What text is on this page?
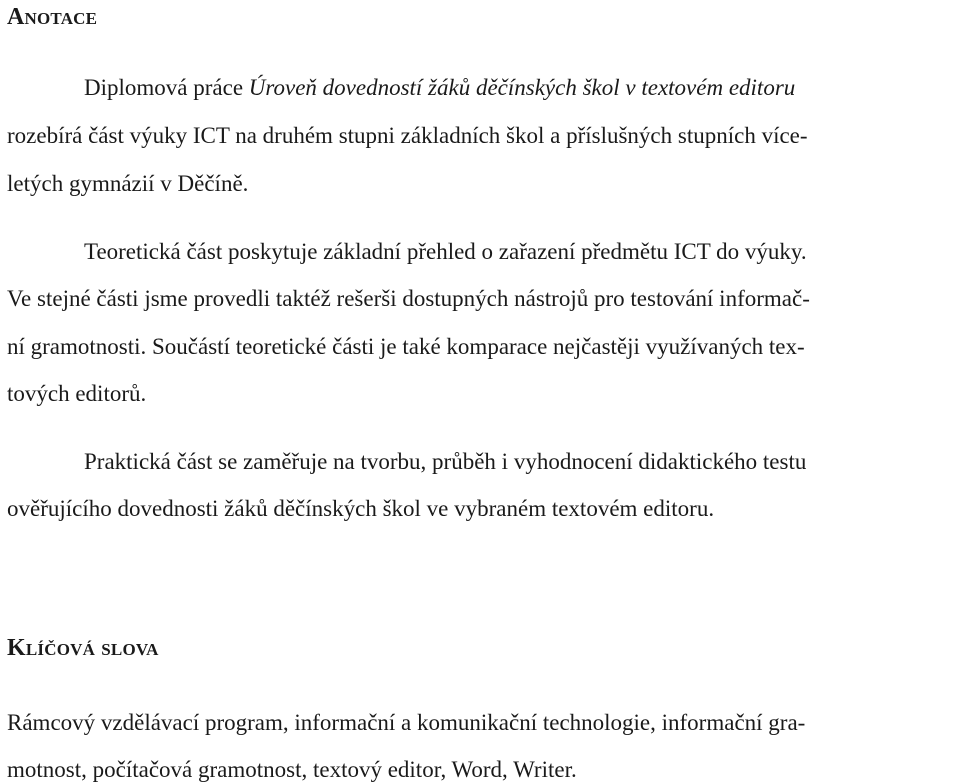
Anotace
Diplomová práce Úroveň dovedností žáků děčínských škol v textovém editoru
rozebírá část výuky ICT na druhém stupni základních škol a příslušných stupních více-
letých gymnázií v Děčíně.
Teoretická část poskytuje základní přehled o zařazení předmětu ICT do výuky.
Ve stejné části jsme provedli taktéž rešerši dostupných nástrojů pro testování informač-
ní gramotnosti. Součástí teoretické části je také komparace nejčastěji využívaných tex-
tových editorů.
Praktická část se zaměřuje na tvorbu, průběh i vyhodnocení didaktického testu
ověřujícího dovednosti žáků děčínských škol ve vybraném textovém editoru.
Klíčová slova
Rámcový vzdělávací program, informační a komunikační technologie, informační gra-
motnost, počítačová gramotnost, textový editor, Word, Writer.
